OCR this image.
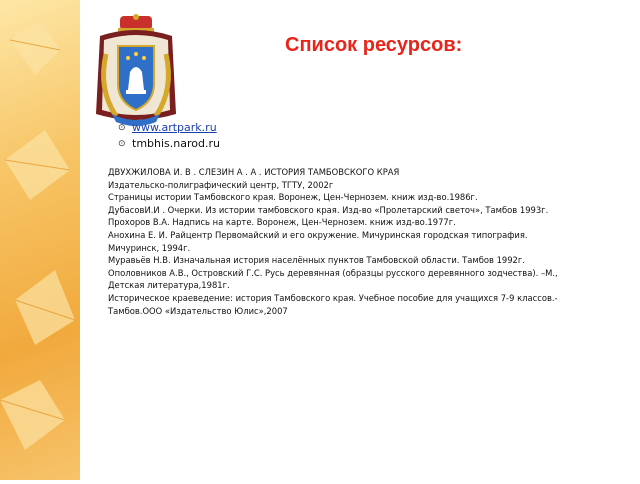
Список ресурсов:
⊙ www.artpark.ru
⊙ tmbhis.narod.ru

ДВУХЖИЛОВА И. В . СЛЕЗИН А . А . ИСТОРИЯ ТАМБОВСКОГО КРАЯ

Издательско-полиграфический центр, ТГТУ, 2002г

Страницы истории Тамбовского края. Воронеж, Цен-Чернозем. книж изд-во.1986г.

ДубасовИ.И . Очерки. Из истории тамбовского края. Изд-во «Пролетарский светоч», Тамбов 1993г.

Прохоров В.А. Надпись на карте. Воронеж, Цен-Чернозем. книж изд-во.1977г.

Анохина Е. И. Райцентр Первомайский и его окружение. Мичуринская городская типография. Мичуринск, 1994г.

Муравьёв Н.В. Изначальная история населённых пунктов Тамбовской области. Тамбов 1992г.

Ополовников А.В., Островский Г.С. Русь деревянная (образцы русского деревянного зодчества). –М., Детская литература,1981г.

Историческое краеведение: история Тамбовского края. Учебное пособие для учащихся 7-9 классов.-Тамбов.ООО «Издательство Юлис»,2007
